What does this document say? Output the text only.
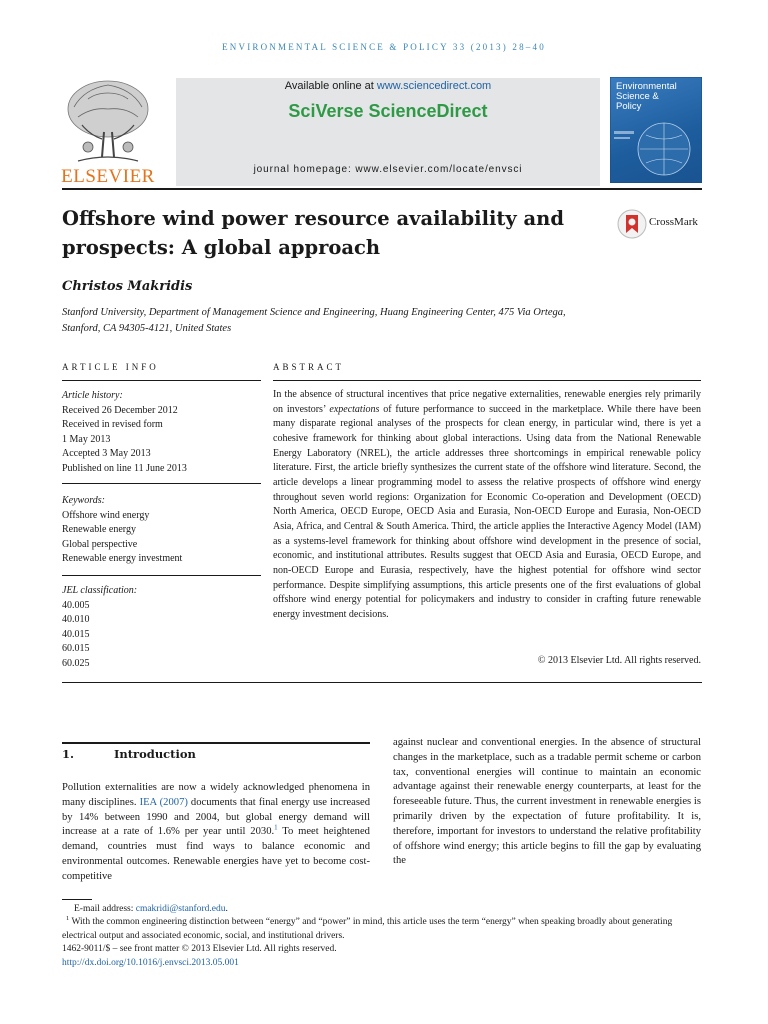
ENVIRONMENTAL SCIENCE & POLICY 33 (2013) 28–40
ELSEVIER
Available online at www.sciencedirect.com
SciVerse ScienceDirect
journal homepage: www.elsevier.com/locate/envsci
Environmental
Science &
Policy
Offshore wind power resource availability and prospects: A global approach
CrossMark
Christos Makridis
Stanford University, Department of Management Science and Engineering, Huang Engineering Center, 475 Via Ortega,
Stanford, CA 94305-4121, United States
ARTICLE INFO
Article history:
Received 26 December 2012
Received in revised form
1 May 2013
Accepted 3 May 2013
Published on line 11 June 2013
Keywords:
Offshore wind energy
Renewable energy
Global perspective
Renewable energy investment
JEL classification:
40.005
40.010
40.015
60.015
60.025
ABSTRACT
In the absence of structural incentives that price negative externalities, renewable energies rely primarily on investors’ expectations of future performance to succeed in the marketplace. While there have been many disparate regional analyses of the prospects for clean energy, in particular wind, there is yet a cohesive framework for thinking about global interactions. Using data from the National Renewable Energy Laboratory (NREL), the article addresses three shortcomings in empirical renewable policy literature. First, the article briefly synthesizes the current state of the offshore wind literature. Second, the article develops a linear programming model to assess the relative prospects of offshore wind energy throughout seven world regions: Organization for Economic Co-operation and Development (OECD) North America, OECD Europe, OECD Asia and Eurasia, Non-OECD Europe and Eurasia, Non-OECD Asia, Africa, and Central & South America. Third, the article applies the Interactive Agency Model (IAM) as a systems-level framework for thinking about offshore wind development in the presence of social, economic, and institutional attributes. Results suggest that OECD Asia and Eurasia, OECD Europe, and non-OECD Europe and Eurasia, respectively, have the highest potential for offshore wind sector performance. Despite simplifying assumptions, this article presents one of the first evaluations of global offshore wind energy potential for policymakers and industry to consider in crafting future renewable energy investment decisions.
© 2013 Elsevier Ltd. All rights reserved.
1.	Introduction
Pollution externalities are now a widely acknowledged phenomena in many disciplines. IEA (2007) documents that final energy use increased by 14% between 1990 and 2004, but global energy demand will increase at a rate of 1.6% per year until 2030.$^1$ To meet heightened demand, countries must find ways to balance economic and environmental outcomes. Renewable energies have yet to become cost-competitive
against nuclear and conventional energies. In the absence of structural changes in the marketplace, such as a tradable permit scheme or carbon tax, conventional energies will continue to maintain an economic advantage against their renewable energy counterparts, at least for the foreseeable future. Thus, the current investment in renewable energies is primarily driven by the expectation of future profitability. It is, therefore, important for investors to understand the relative profitability of offshore wind energy; this article begins to fill the gap by evaluating the
E-mail address: cmakridi@stanford.edu.
$^1$ With the common engineering distinction between “energy” and “power” in mind, this article uses the term “energy” when speaking broadly about generating electrical output and associated economic, social, and institutional drivers.
1462-9011/$ – see front matter © 2013 Elsevier Ltd. All rights reserved.
http://dx.doi.org/10.1016/j.envsci.2013.05.001
